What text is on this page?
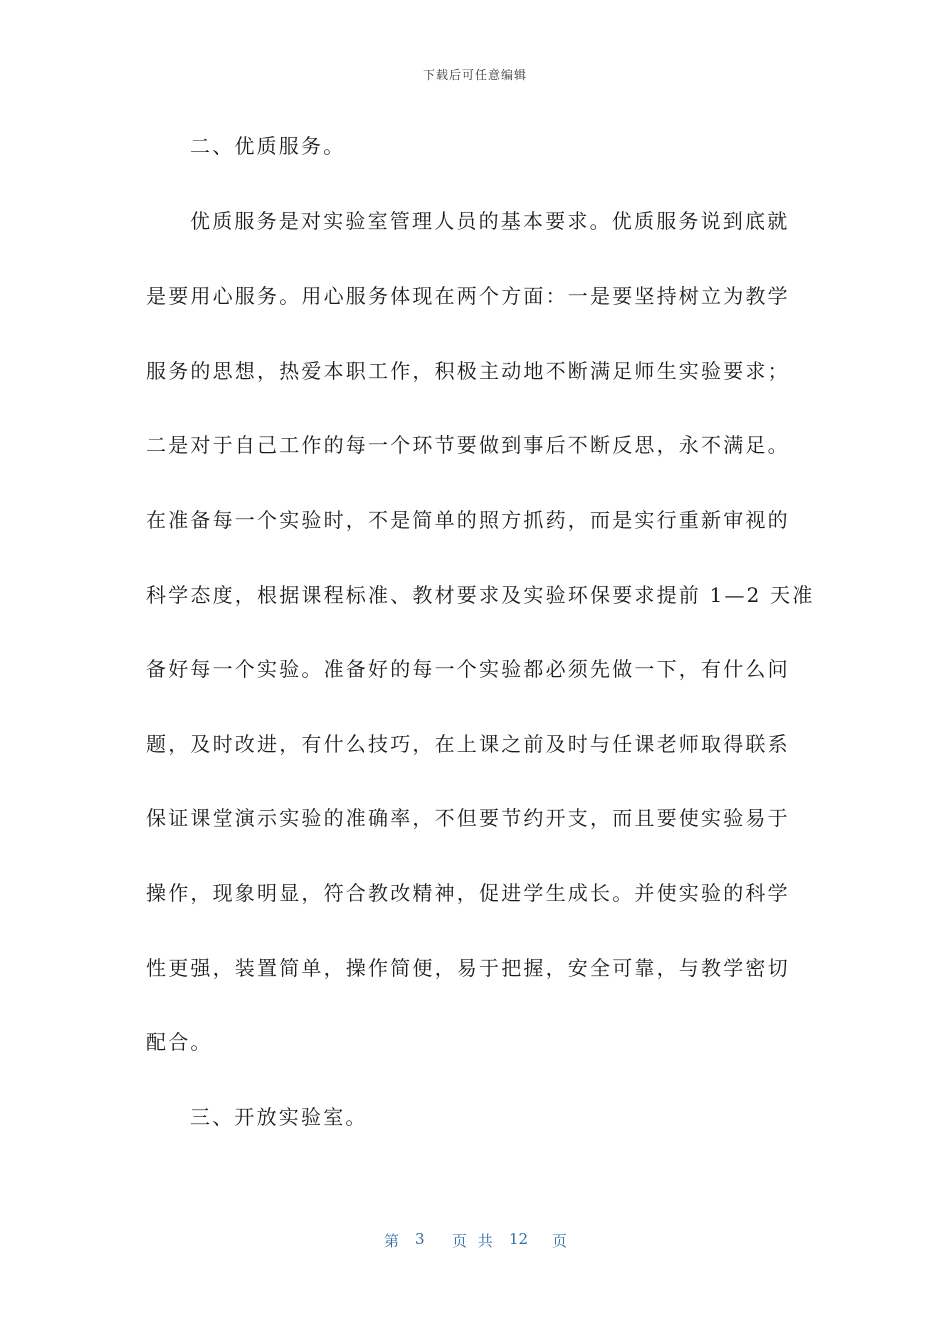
下载后可任意编辑
二、优质服务。
优质服务是对实验室管理人员的基本要求。优质服务说到底就
是要用心服务。用心服务体现在两个方面：一是要坚持树立为教学
服务的思想，热爱本职工作，积极主动地不断满足师生实验要求；
二是对于自己工作的每一个环节要做到事后不断反思，永不满足。
在准备每一个实验时，不是简单的照方抓药，而是实行重新审视的
科学态度，根据课程标准、教材要求及实验环保要求提前 1—2 天准
备好每一个实验。准备好的每一个实验都必须先做一下，有什么问
题，及时改进，有什么技巧，在上课之前及时与任课老师取得联系
保证课堂演示实验的准确率，不但要节约开支，而且要使实验易于
操作，现象明显，符合教改精神，促进学生成长。并使实验的科学
性更强，装置简单，操作简便，易于把握，安全可靠，与教学密切
配合。
三、开放实验室。
第 3 页 共 12 页
